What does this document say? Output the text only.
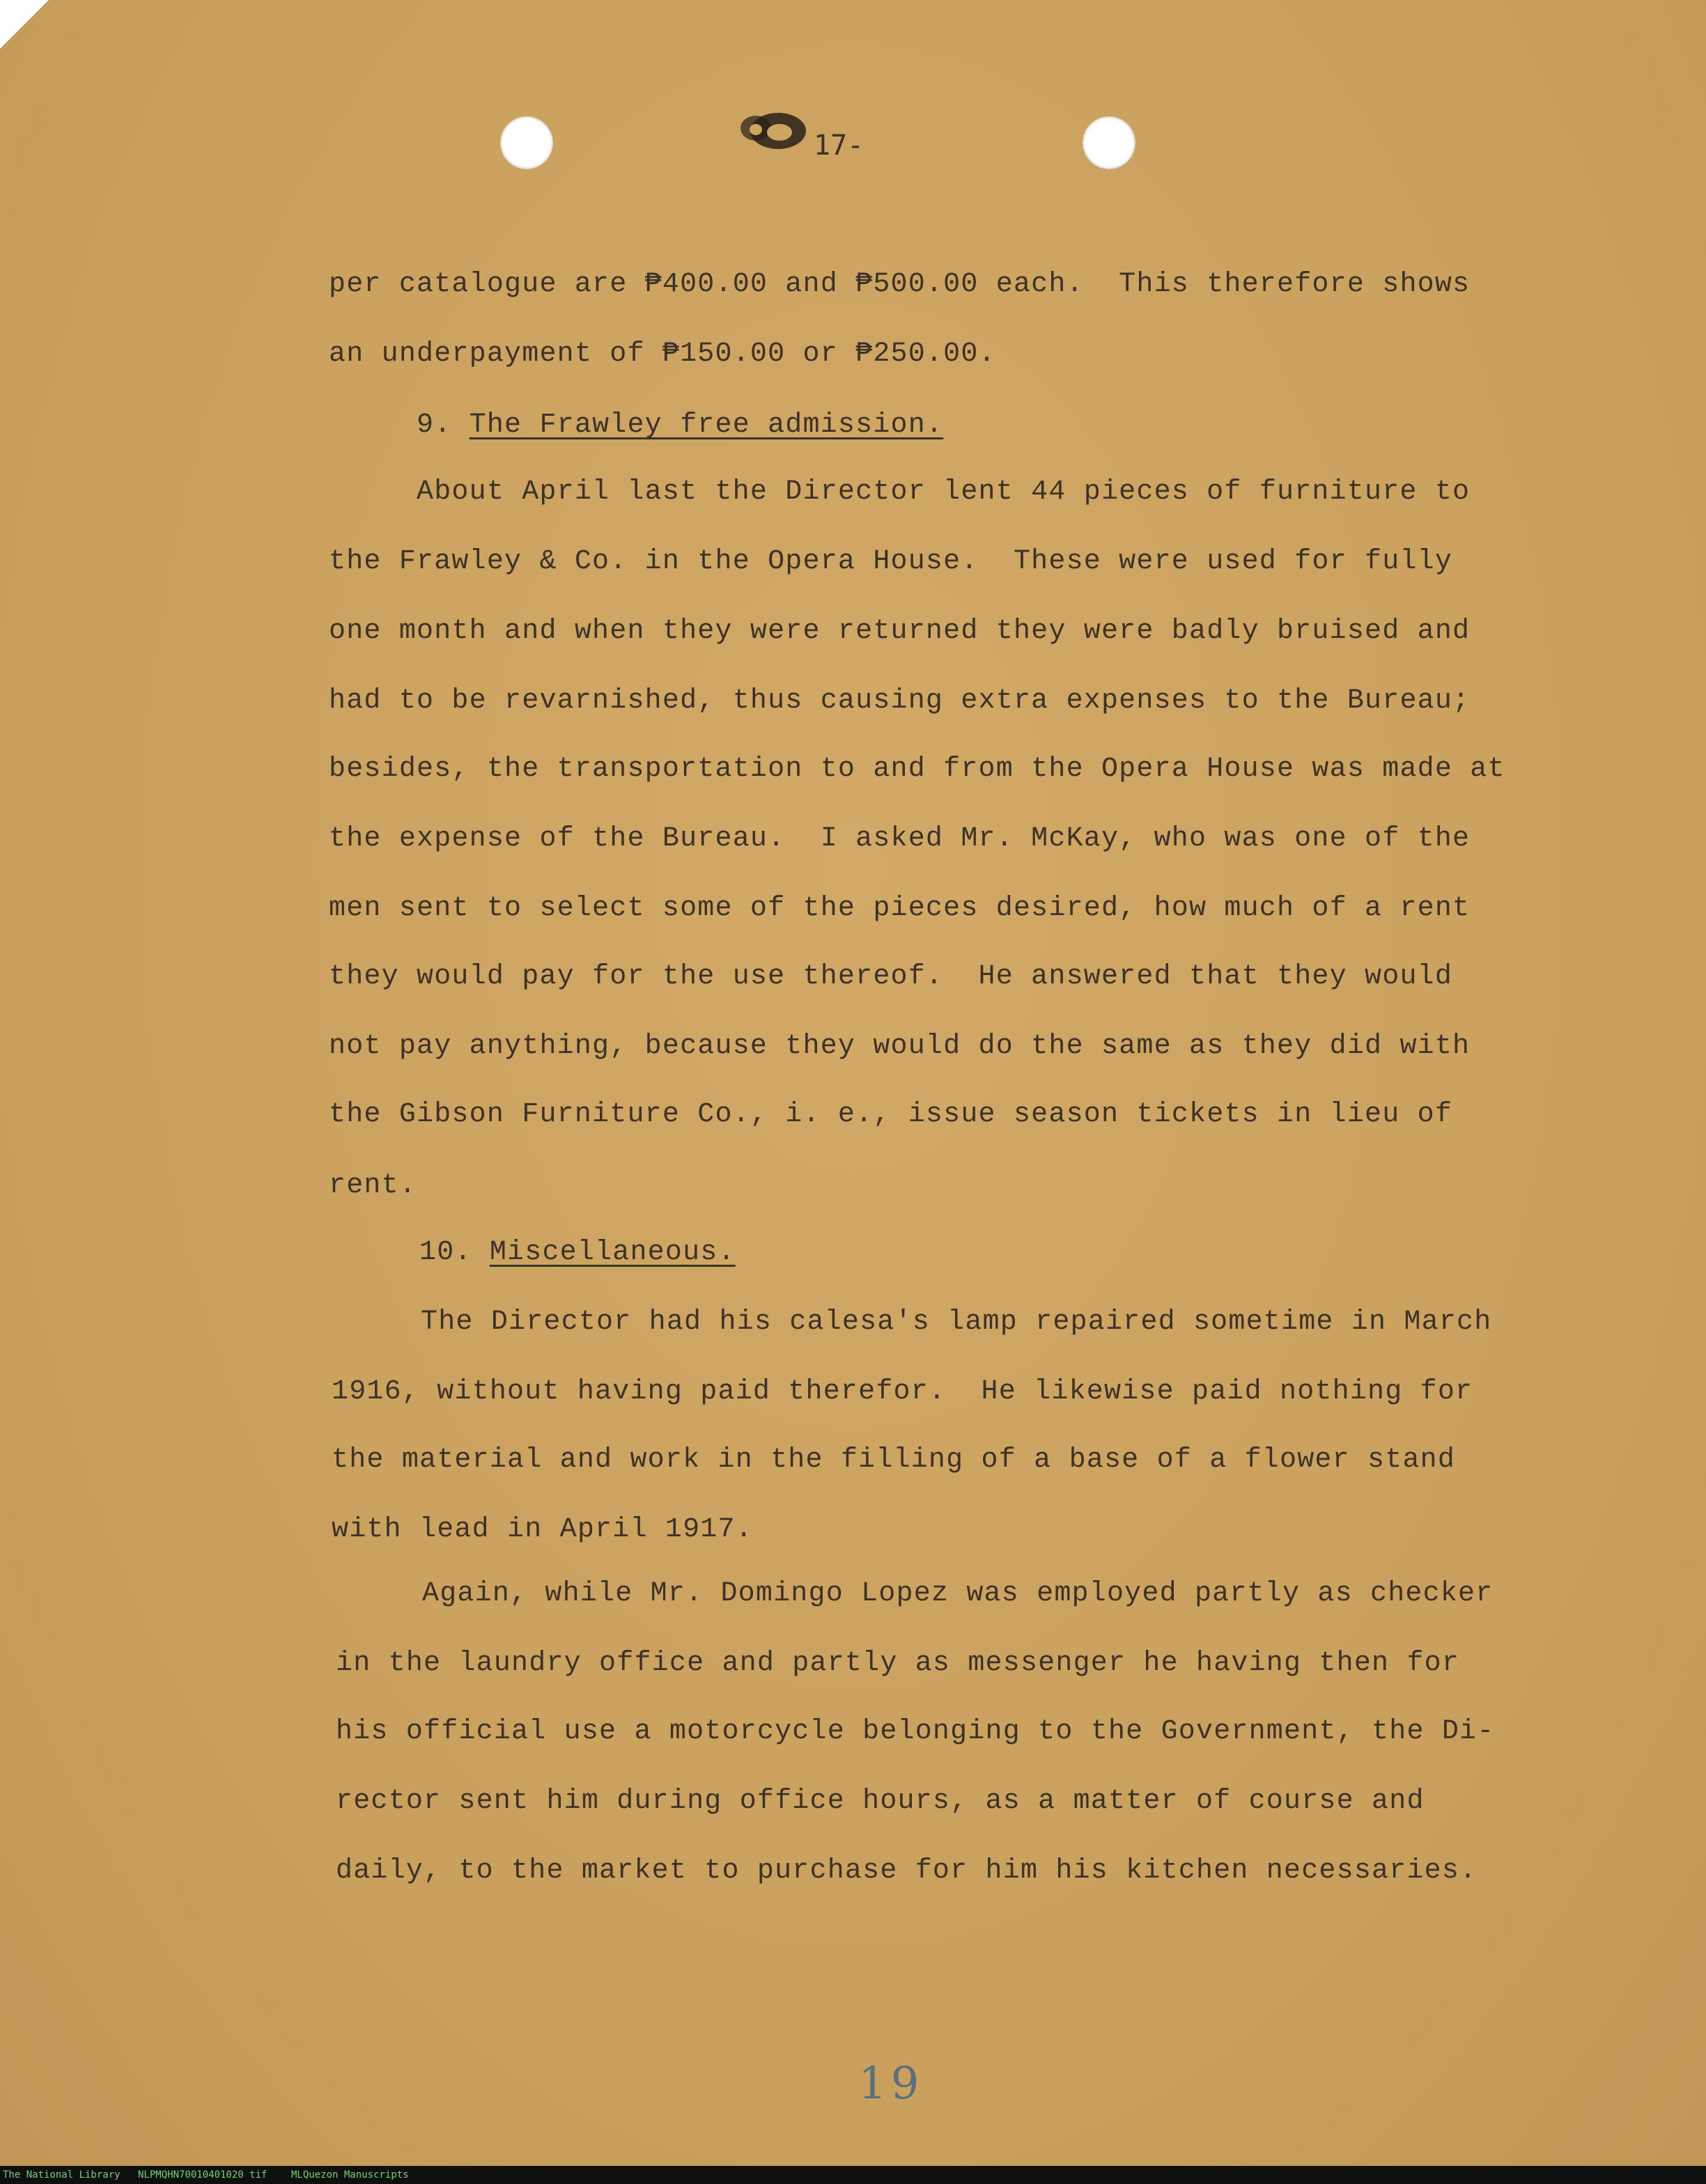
17-

per catalogue are ₱400.00 and ₱500.00 each.  This therefore shows

an underpayment of ₱150.00 or ₱250.00.

9. The Frawley free admission.

About April last the Director lent 44 pieces of furniture to

the Frawley & Co. in the Opera House.  These were used for fully

one month and when they were returned they were badly bruised and

had to be revarnished, thus causing extra expenses to the Bureau;

besides, the transportation to and from the Opera House was made at

the expense of the Bureau.  I asked Mr. McKay, who was one of the

men sent to select some of the pieces desired, how much of a rent

they would pay for the use thereof.  He answered that they would

not pay anything, because they would do the same as they did with

the Gibson Furniture Co., i. e., issue season tickets in lieu of

rent.

10. Miscellaneous.

The Director had his calesa's lamp repaired sometime in March

1916, without having paid therefor.  He likewise paid nothing for

the material and work in the filling of a base of a flower stand

with lead in April 1917.

Again, while Mr. Domingo Lopez was employed partly as checker

in the laundry office and partly as messenger he having then for

his official use a motorcycle belonging to the Government, the Di-

rector sent him during office hours, as a matter of course and

daily, to the market to purchase for him his kitchen necessaries.

19
The National Library NLPMQHN70010401020 tif MLQuezon Manuscripts
